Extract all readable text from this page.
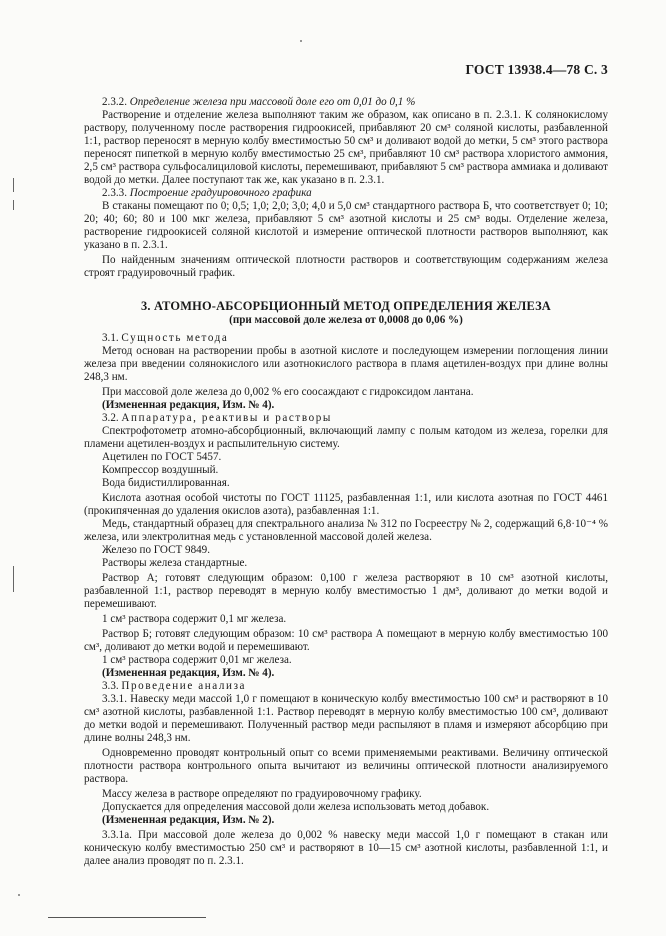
ГОСТ 13938.4—78 С. 3

2.3.2. Определение железа при массовой доле его от 0,01 до 0,1 %

Растворение и отделение железа выполняют таким же образом, как описано в п. 2.3.1. К солянокислому раствору, полученному после растворения гидроокисей, прибавляют 20 см³ соляной кислоты, разбавленной 1:1, раствор переносят в мерную колбу вместимостью 50 см³ и доливают водой до метки, 5 см³ этого раствора переносят пипеткой в мерную колбу вместимостью 25 см³, прибавляют 10 см³ раствора хлористого аммония, 2,5 см³ раствора сульфосалициловой кислоты, перемешивают, прибавляют 5 см³ раствора аммиака и доливают водой до метки. Далее поступают так же, как указано в п. 2.3.1.

2.3.3. Построение градуировочного графика

В стаканы помещают по 0; 0,5; 1,0; 2,0; 3,0; 4,0 и 5,0 см³ стандартного раствора Б, что соответствует 0; 10; 20; 40; 60; 80 и 100 мкг железа, прибавляют 5 см³ азотной кислоты и 25 см³ воды. Отделение железа, растворение гидроокисей соляной кислотой и измерение оптической плотности растворов выполняют, как указано в п. 2.3.1.

По найденным значениям оптической плотности растворов и соответствующим содержаниям железа строят градуировочный график.

3. АТОМНО-АБСОРБЦИОННЫЙ МЕТОД ОПРЕДЕЛЕНИЯ ЖЕЛЕЗА

(при массовой доле железа от 0,0008 до 0,06 %)

3.1. Сущность метода

Метод основан на растворении пробы в азотной кислоте и последующем измерении поглощения линии железа при введении солянокислого или азотнокислого раствора в пламя ацетилен-воздух при длине волны 248,3 нм.

При массовой доле железа до 0,002 % его соосаждают с гидроксидом лантана.

(Измененная редакция, Изм. № 4).

3.2. Аппаратура, реактивы и растворы

Спектрофотометр атомно-абсорбционный, включающий лампу с полым катодом из железа, горелки для пламени ацетилен-воздух и распылительную систему.

Ацетилен по ГОСТ 5457.

Компрессор воздушный.

Вода бидистиллированная.

Кислота азотная особой чистоты по ГОСТ 11125, разбавленная 1:1, или кислота азотная по ГОСТ 4461 (прокипяченная до удаления окислов азота), разбавленная 1:1.

Медь, стандартный образец для спектрального анализа № 312 по Госреестру № 2, содержащий 6,8·10⁻⁴ % железа, или электролитная медь с установленной массовой долей железа.

Железо по ГОСТ 9849.

Растворы железа стандартные.

Раствор А; готовят следующим образом: 0,100 г железа растворяют в 10 см³ азотной кислоты, разбавленной 1:1, раствор переводят в мерную колбу вместимостью 1 дм³, доливают до метки водой и перемешивают.

1 см³ раствора содержит 0,1 мг железа.

Раствор Б; готовят следующим образом: 10 см³ раствора А помещают в мерную колбу вместимостью 100 см³, доливают до метки водой и перемешивают.

1 см³ раствора содержит 0,01 мг железа.

(Измененная редакция, Изм. № 4).

3.3. Проведение анализа

3.3.1. Навеску меди массой 1,0 г помещают в коническую колбу вместимостью 100 см³ и растворяют в 10 см³ азотной кислоты, разбавленной 1:1. Раствор переводят в мерную колбу вместимостью 100 см³, доливают до метки водой и перемешивают. Полученный раствор меди распыляют в пламя и измеряют абсорбцию при длине волны 248,3 нм.

Одновременно проводят контрольный опыт со всеми применяемыми реактивами. Величину оптической плотности раствора контрольного опыта вычитают из величины оптической плотности анализируемого раствора.

Массу железа в растворе определяют по градуировочному графику.

Допускается для определения массовой доли железа использовать метод добавок.

(Измененная редакция, Изм. № 2).

3.3.1а. При массовой доле железа до 0,002 % навеску меди массой 1,0 г помещают в стакан или коническую колбу вместимостью 250 см³ и растворяют в 10—15 см³ азотной кислоты, разбавленной 1:1, и далее анализ проводят по п. 2.3.1.
